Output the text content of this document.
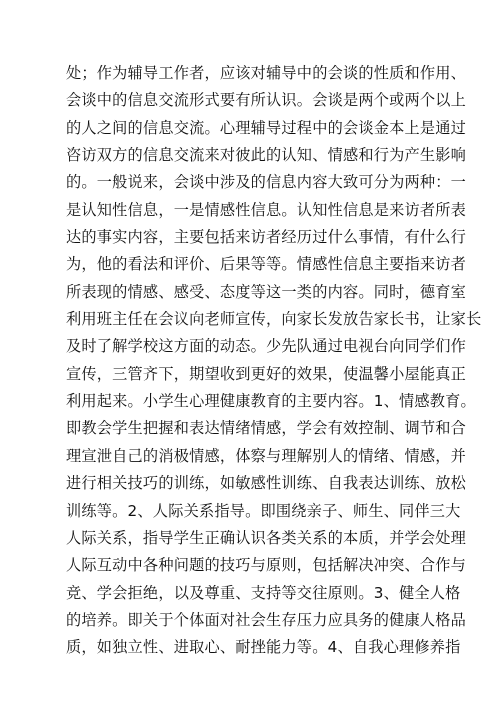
处；作为辅导工作者，应该对辅导中的会谈的性质和作用、
会谈中的信息交流形式要有所认识。会谈是两个或两个以上
的人之间的信息交流。心理辅导过程中的会谈金本上是通过
咨访双方的信息交流来对彼此的认知、情感和行为产生影响
的。一般说来，会谈中涉及的信息内容大致可分为两种：一
是认知性信息，一是情感性信息。认知性信息是来访者所表
达的事实内容，主要包括来访者经历过什么事情，有什么行
为，他的看法和评价、后果等等。情感性信息主要指来访者
所表现的情感、感受、态度等这一类的内容。同时，德育室
利用班主任在会议向老师宣传，向家长发放告家长书，让家长
及时了解学校这方面的动态。少先队通过电视台向同学们作
宣传，三管齐下，期望收到更好的效果，使温馨小屋能真正
利用起来。小学生心理健康教育的主要内容。1、情感教育。
即教会学生把握和表达情绪情感，学会有效控制、调节和合
理宣泄自己的消极情感，体察与理解别人的情绪、情感，并
进行相关技巧的训练，如敏感性训练、自我表达训练、放松
训练等。2、人际关系指导。即围绕亲子、师生、同伴三大
人际关系，指导学生正确认识各类关系的本质，并学会处理
人际互动中各种问题的技巧与原则，包括解决冲突、合作与
竞、学会拒绝，以及尊重、支持等交往原则。3、健全人格
的培养。即关于个体面对社会生存压力应具务的健康人格品
质，如独立性、进取心、耐挫能力等。4、自我心理修养指
